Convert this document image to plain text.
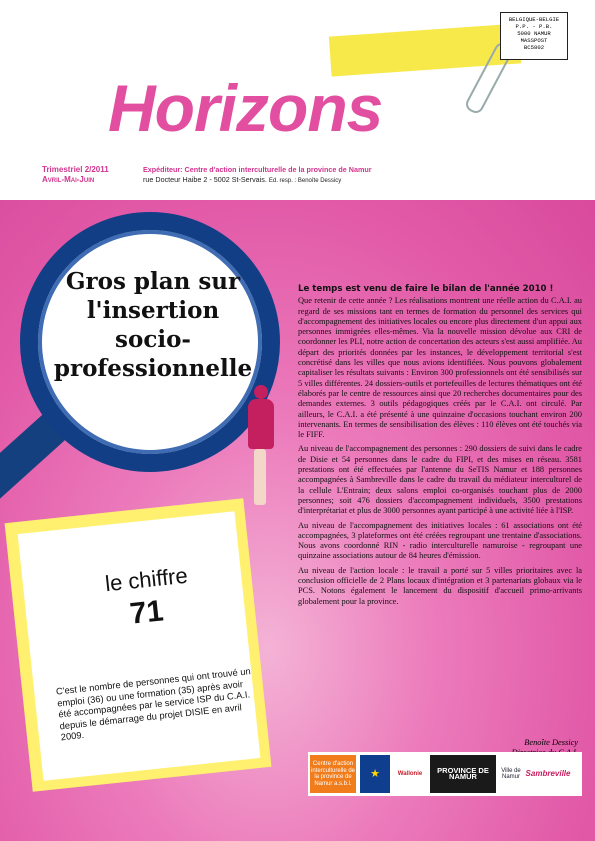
BELGIQUE-BELGIE
P.P. - P.B.
5000 NAMUR
MASSPOST
BC5802
Horizons
Trimestriel 2/2011
Avril-Mai-Juin
Expéditeur: Centre d'action interculturelle de la province de Namur
rue Docteur Haibe 2 - 5002 St-Servais. Ed. resp. : Benoîte Dessicy
Gros plan sur l'insertion socio-professionnelle
le chiffre
71
C'est le nombre de personnes qui ont trouvé un emploi (36) ou une formation (35) après avoir été accompagnées par le service ISP du C.A.I. depuis le démarrage du projet DISIE en avril 2009.
Le temps est venu de faire le bilan de l'année 2010 !

Que retenir de cette année ? Les réalisations montrent une réelle action du C.A.I. au regard de ses missions tant en termes de formation du personnel des services qui d'accompagnement des initiatives locales ou encore plus directement d'un appui aux personnes immigrées elles-mêmes. Via la nouvelle mission dévolue aux CRI de coordonner les PLI, notre action de concertation des acteurs s'est aussi amplifiée. Au départ des priorités données par les instances, le développement territorial s'est concrétisé dans les villes que nous avions identifiées. Nous pouvons globalement capitaliser les résultats suivants : Environ 300 professionnels ont été sensibilisés sur 5 villes différentes. 24 dossiers-outils et portefeuilles de lectures thématiques ont été élaborés par le centre de ressources ainsi que 20 recherches documentaires pour des demandes externes. 3 outils pédagogiques créés par le C.A.I. ont circulé. Par ailleurs, le C.A.I. a été présenté à une quinzaine d'occasions touchant environ 200 intervenants. En termes de sensibilisation des élèves : 110 élèves ont été touchés via le FIFF.

Au niveau de l'accompagnement des personnes : 290 dossiers de suivi dans le cadre de Disie et 54 personnes dans le cadre du FIPI, et des mises en réseau. 3581 prestations ont été effectuées par l'antenne du SeTIS Namur et 188 personnes accompagnées à Sambreville dans le cadre du travail du médiateur interculturel de la cellule L'Entrain; deux salons emploi co-organisés touchant plus de 2000 personnes; soit 476 dossiers d'accompagnement individuels, 3500 prestations d'interprétariat et plus de 3000 personnes ayant participé à une activité liée à l'ISP.

Au niveau de l'accompagnement des initiatives locales : 61 associations ont été accompagnées, 3 plateformes ont été créées regroupant une trentaine d'associations. Nous avons coordonné RIN - radio interculturelle namuroise - regroupant une quinzaine associations autour de 84 heures d'émission.

Au niveau de l'action locale : le travail a porté sur 5 villes prioritaires avec la conclusion officielle de 2 Plans locaux d'intégration et 3 partenariats globaux via le PCS. Notons également le lancement du dispositif d'accueil primo-arrivants globalement pour la province.

Benoîte Dessicy
Centre d'action interculturelle de la province de Namur a.s.b.l.
★	Wallonie	PROVINCE DE NAMUR
Ville de Namur Sambreville
